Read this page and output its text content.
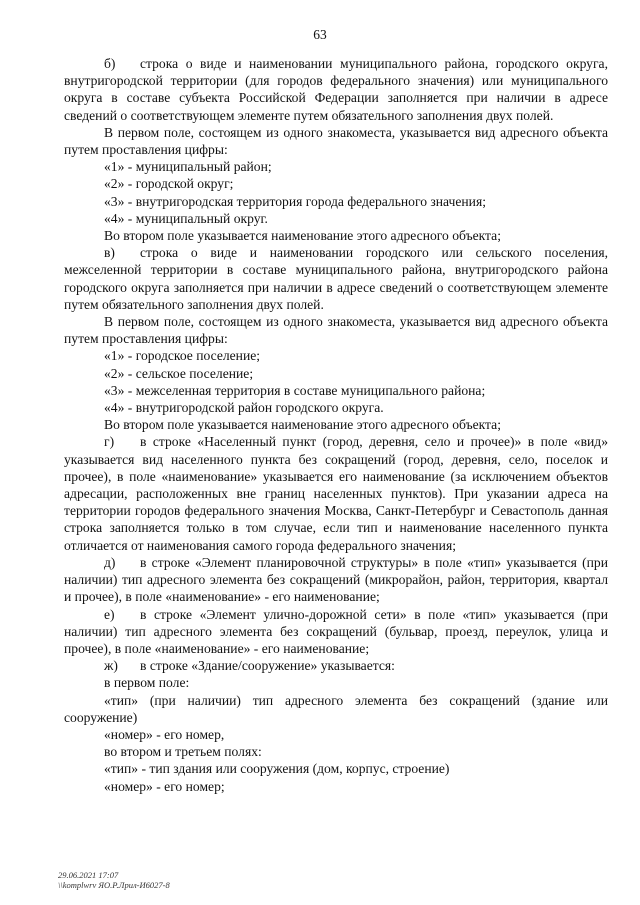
63

б) строка о виде и наименовании муниципального района, городского округа, внутригородской территории (для городов федерального значения) или муниципального округа в составе субъекта Российской Федерации заполняется при наличии в адресе сведений о соответствующем элементе путем обязательного заполнения двух полей.

В первом поле, состоящем из одного знакоместа, указывается вид адресного объекта путем проставления цифры:

«1» - муниципальный район;

«2» - городской округ;

«3» - внутригородская территория города федерального значения;

«4» - муниципальный округ.

Во втором поле указывается наименование этого адресного объекта;

в) строка о виде и наименовании городского или сельского поселения, межселенной территории в составе муниципального района, внутригородского района городского округа заполняется при наличии в адресе сведений о соответствующем элементе путем обязательного заполнения двух полей.

В первом поле, состоящем из одного знакоместа, указывается вид адресного объекта путем проставления цифры:

«1» - городское поселение;

«2» - сельское поселение;

«3» - межселенная территория в составе муниципального района;

«4» - внутригородской район городского округа.

Во втором поле указывается наименование этого адресного объекта;

г) в строке «Населенный пункт (город, деревня, село и прочее)» в поле «вид» указывается вид населенного пункта без сокращений (город, деревня, село, поселок и прочее), в поле «наименование» указывается его наименование (за исключением объектов адресации, расположенных вне границ населенных пунктов). При указании адреса на территории городов федерального значения Москва, Санкт-Петербург и Севастополь данная строка заполняется только в том случае, если тип и наименование населенного пункта отличается от наименования самого города федерального значения;

д) в строке «Элемент планировочной структуры» в поле «тип» указывается (при наличии) тип адресного элемента без сокращений (микрорайон, район, территория, квартал и прочее), в поле «наименование» - его наименование;

е) в строке «Элемент улично-дорожной сети» в поле «тип» указывается (при наличии) тип адресного элемента без сокращений (бульвар, проезд, переулок, улица и прочее), в поле «наименование» - его наименование;

ж) в строке «Здание/сооружение» указывается:

в первом поле:

«тип» (при наличии) тип адресного элемента без сокращений (здание или сооружение)

«номер» - его номер,

во втором и третьем полях:

«тип» - тип здания или сооружения (дом, корпус, строение)

«номер» - его номер;

29.06.2021 17:07
\\komplwrv ЯО.Р.Лрил-И6027-8
